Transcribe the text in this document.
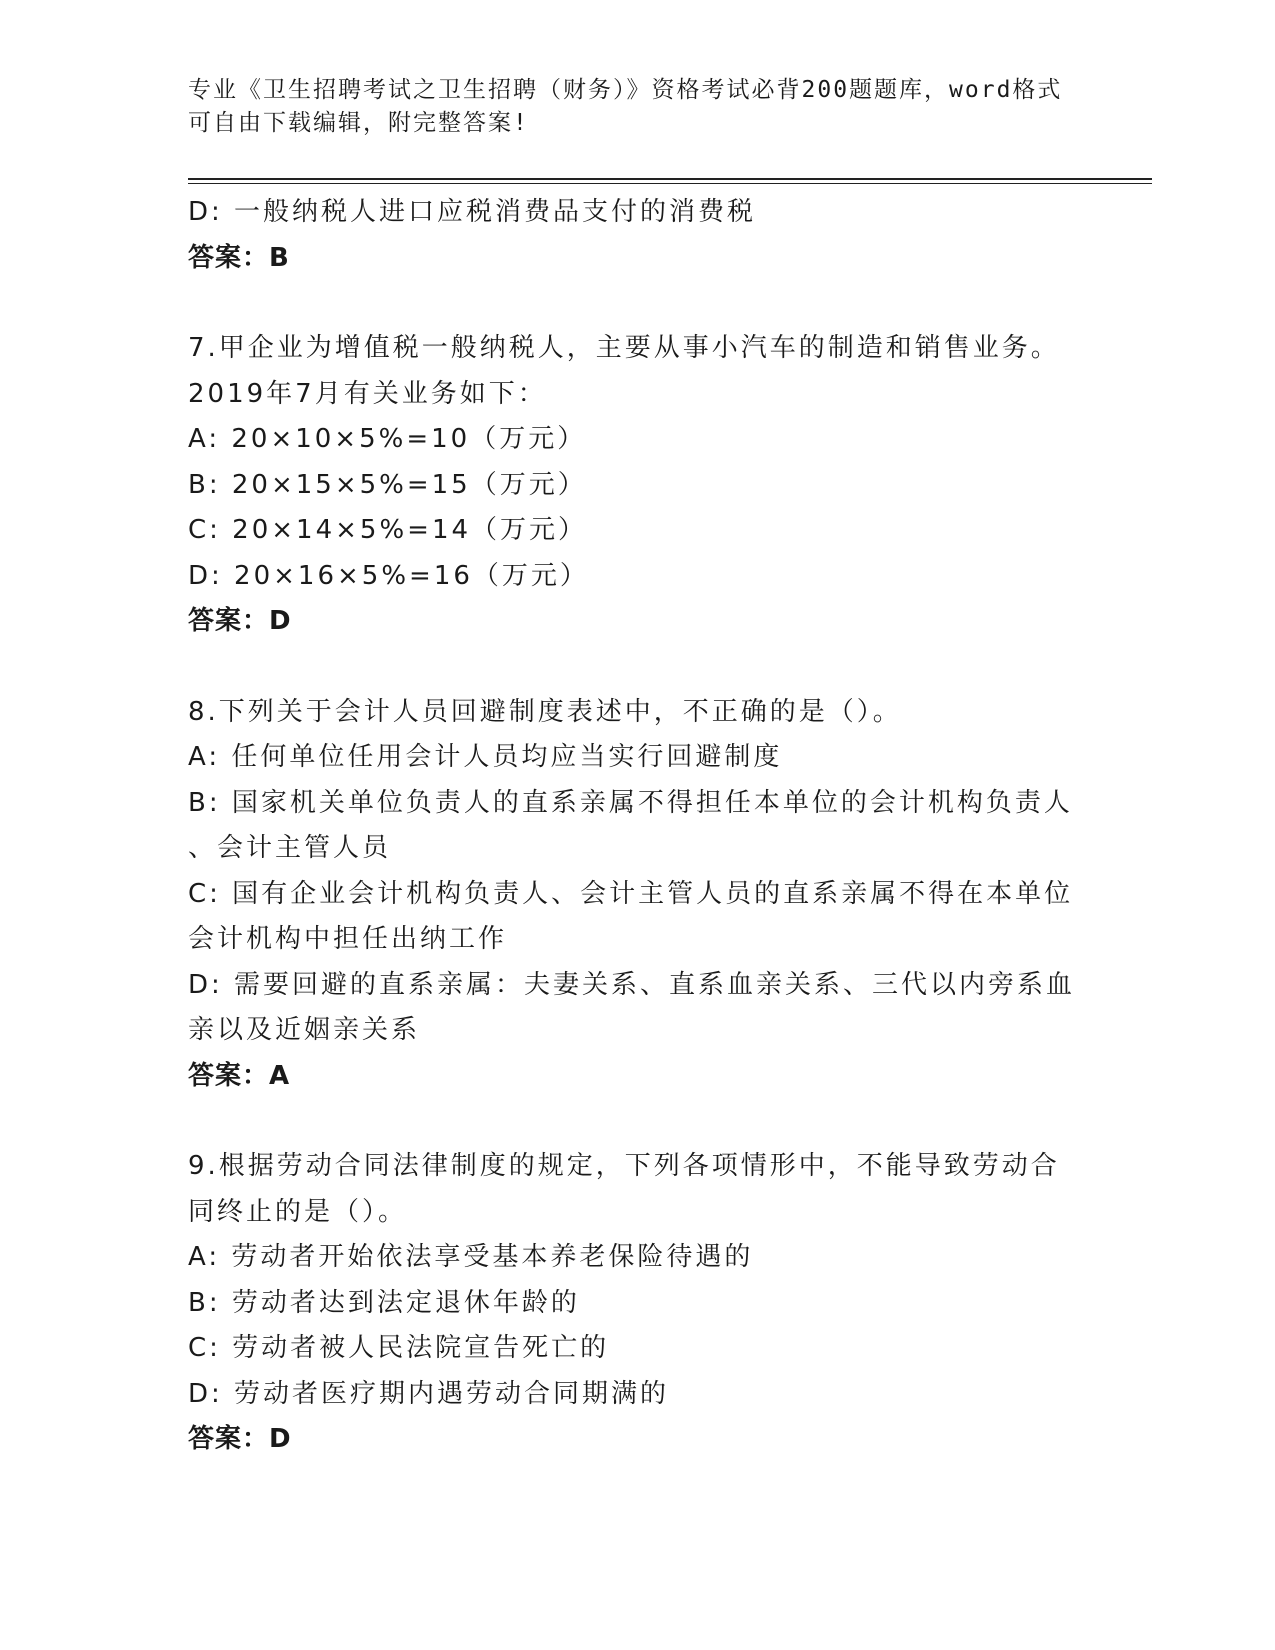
专业《卫生招聘考试之卫生招聘（财务）》资格考试必背200题题库，word格式
可自由下载编辑，附完整答案!
D: 一般纳税人进口应税消费品支付的消费税
答案：B
7.甲企业为增值税一般纳税人，主要从事小汽车的制造和销售业务。
2019年7月有关业务如下：
A: 20×10×5%=10（万元）
B: 20×15×5%=15（万元）
C: 20×14×5%=14（万元）
D: 20×16×5%=16（万元）
答案：D
8.下列关于会计人员回避制度表述中，不正确的是（）。
A: 任何单位任用会计人员均应当实行回避制度
B: 国家机关单位负责人的直系亲属不得担任本单位的会计机构负责人
、会计主管人员
C: 国有企业会计机构负责人、会计主管人员的直系亲属不得在本单位
会计机构中担任出纳工作
D: 需要回避的直系亲属：夫妻关系、直系血亲关系、三代以内旁系血
亲以及近姻亲关系
答案：A
9.根据劳动合同法律制度的规定，下列各项情形中，不能导致劳动合
同终止的是（）。
A: 劳动者开始依法享受基本养老保险待遇的
B: 劳动者达到法定退休年龄的
C: 劳动者被人民法院宣告死亡的
D: 劳动者医疗期内遇劳动合同期满的
答案：D
